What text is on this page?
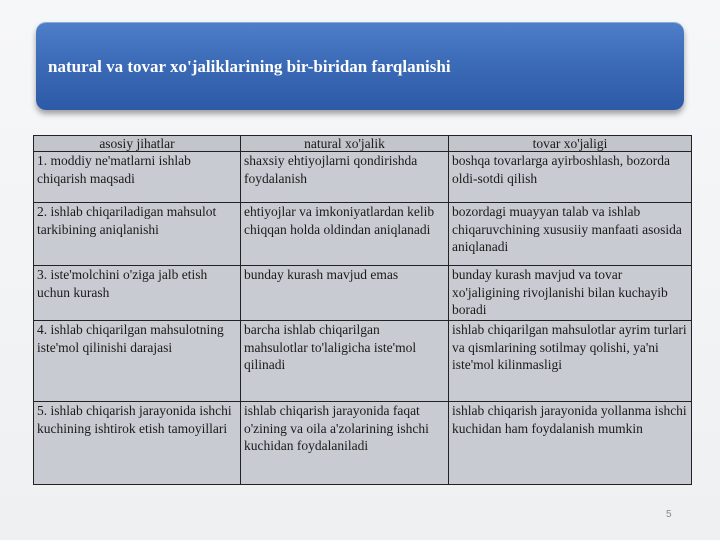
natural va tovar xo'jaliklarining bir-biridan farqlanishi
asosiy jihatlar	natural xo'jalik	tovar xo'jaligi
1. moddiy ne'matlarni ishlab chiqarish maqsadi	shaxsiy ehtiyojlarni qondirishda foydalanish	boshqa tovarlarga ayirboshlash, bozorda oldi-sotdi qilish
2. ishlab chiqariladigan mahsulot tarkibining aniqlanishi	ehtiyojlar va imkoniyatlardan kelib chiqqan holda oldindan aniqlanadi	bozordagi muayyan talab va ishlab chiqaruvchining xususiiy manfaati asosida aniqlanadi
3. iste'molchini o'ziga jalb etish uchun kurash	bunday kurash mavjud emas	bunday kurash mavjud va tovar xo'jaligining rivojlanishi bilan kuchayib boradi
4. ishlab chiqarilgan mahsulotning iste'mol qilinishi darajasi	barcha ishlab chiqarilgan mahsulotlar to'laligicha iste'mol qilinadi	ishlab chiqarilgan mahsulotlar ayrim turlari va qismlarining sotilmay qolishi, ya'ni iste'mol kilinmasligi
5. ishlab chiqarish jarayonida ishchi kuchining ishtirok etish tamoyillari	ishlab chiqarish jarayonida faqat o'zining va oila a'zolarining ishchi kuchidan foydalaniladi	ishlab chiqarish jarayonida yollanma ishchi kuchidan ham foydalanish mumkin
5
